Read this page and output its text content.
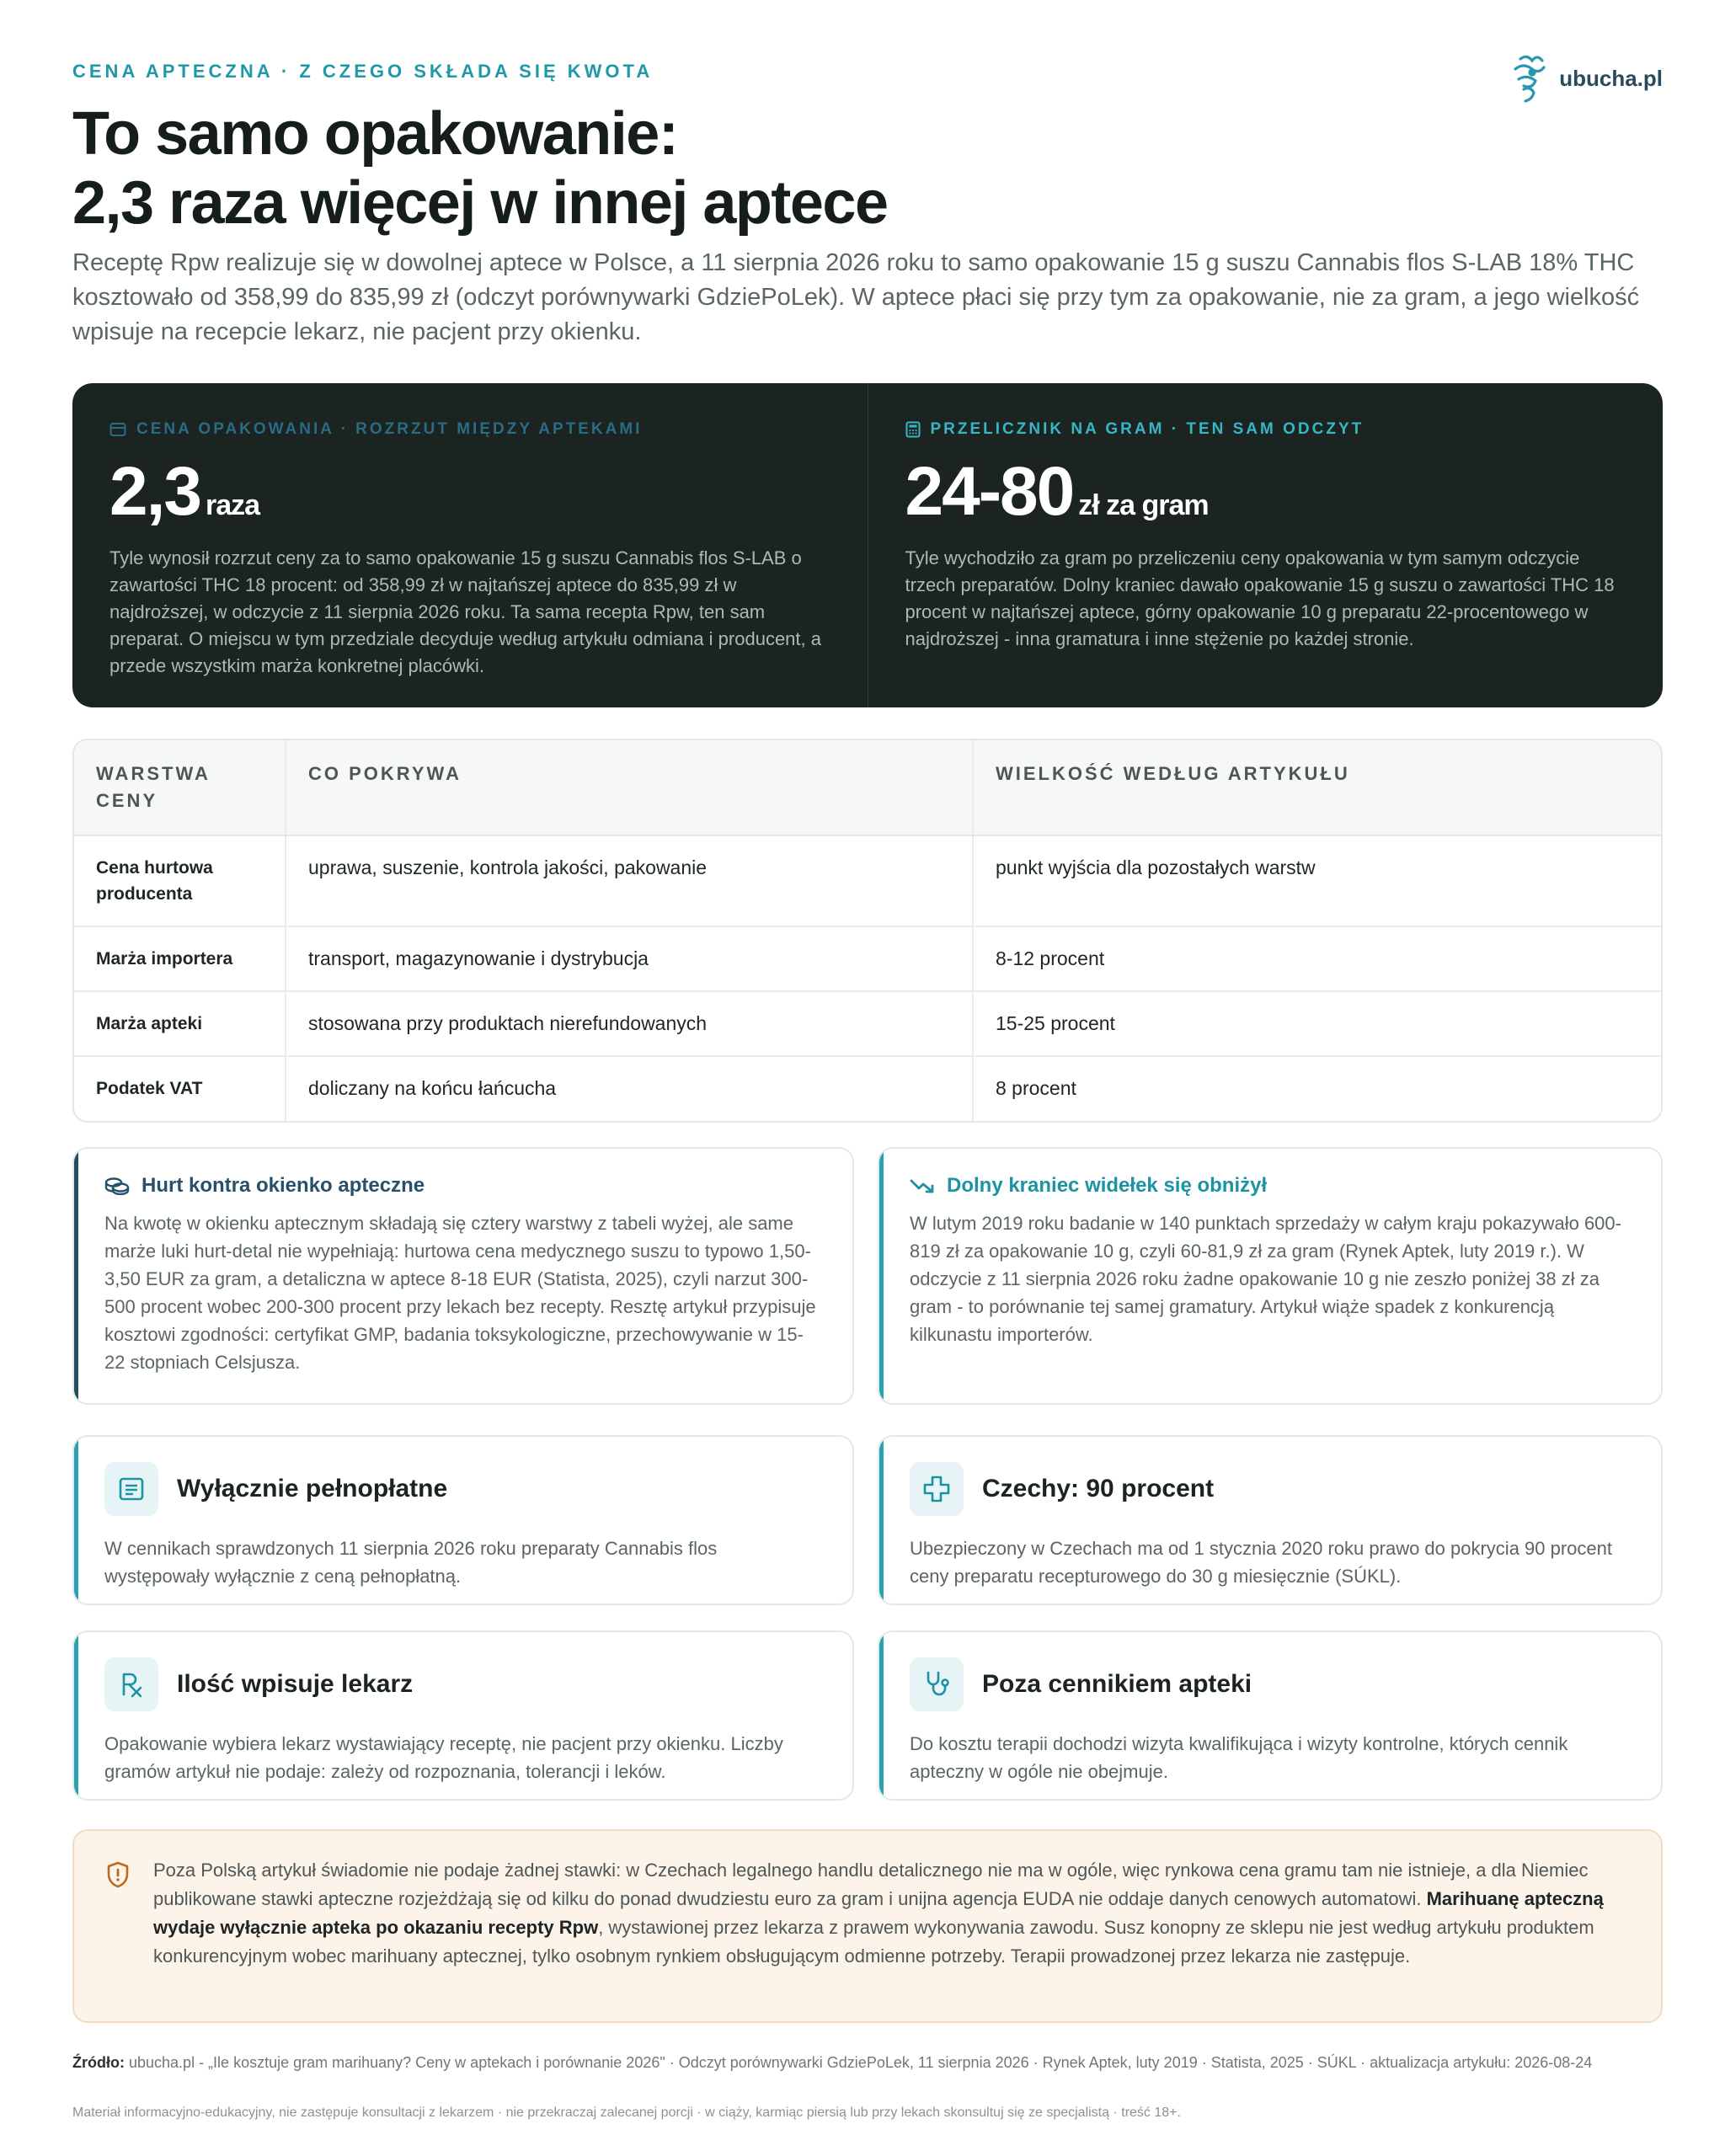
CENA APTECZNA · Z CZEGO SKŁADA SIĘ KWOTA	ubucha.pl
To samo opakowanie:
2,3 raza więcej w innej aptece

Receptę Rpw realizuje się w dowolnej aptece w Polsce, a 11 sierpnia 2026 roku to samo opakowanie 15 g suszu Cannabis flos S-LAB 18% THC kosztowało od 358,99 do 835,99 zł (odczyt porównywarki GdziePoLek). W aptece płaci się przy tym za opakowanie, nie za gram, a jego wielkość wpisuje na recepcie lekarz, nie pacjent przy okienku.

CENA OPAKOWANIA · ROZRZUT MIĘDZY APTEKAMI
2,3 raza

Tyle wynosił rozrzut ceny za to samo opakowanie 15 g suszu Cannabis flos S-LAB o zawartości THC 18 procent: od 358,99 zł w najtańszej aptece do 835,99 zł w najdroższej, w odczycie z 11 sierpnia 2026 roku. Ta sama recepta Rpw, ten sam preparat. O miejscu w tym przedziale decyduje według artykułu odmiana i producent, a przede wszystkim marża konkretnej placówki.

PRZELICZNIK NA GRAM · TEN SAM ODCZYT
24-80 zł za gram

Tyle wychodziło za gram po przeliczeniu ceny opakowania w tym samym odczycie trzech preparatów. Dolny kraniec dawało opakowanie 15 g suszu o zawartości THC 18 procent w najtańszej aptece, górny opakowanie 10 g preparatu 22-procentowego w najdroższej - inna gramatura i inne stężenie po każdej stronie.

WARSTWA CENY	CO POKRYWA	WIELKOŚĆ WEDŁUG ARTYKUŁU
Cena hurtowa producenta	uprawa, suszenie, kontrola jakości, pakowanie	punkt wyjścia dla pozostałych warstw
Marża importera	transport, magazynowanie i dystrybucja	8-12 procent
Marża apteki	stosowana przy produktach nierefundowanych	15-25 procent
Podatek VAT	doliczany na końcu łańcucha	8 procent
Hurt kontra okienko apteczne

Na kwotę w okienku aptecznym składają się cztery warstwy z tabeli wyżej, ale same marże luki hurt-detal nie wypełniają: hurtowa cena medycznego suszu to typowo 1,50-3,50 EUR za gram, a detaliczna w aptece 8-18 EUR (Statista, 2025), czyli narzut 300-500 procent wobec 200-300 procent przy lekach bez recepty. Resztę artykuł przypisuje kosztowi zgodności: certyfikat GMP, badania toksykologiczne, przechowywanie w 15-22 stopniach Celsjusza.

Dolny kraniec widełek się obniżył

W lutym 2019 roku badanie w 140 punktach sprzedaży w całym kraju pokazywało 600-819 zł za opakowanie 10 g, czyli 60-81,9 zł za gram (Rynek Aptek, luty 2019 r.). W odczycie z 11 sierpnia 2026 roku żadne opakowanie 10 g nie zeszło poniżej 38 zł za gram - to porównanie tej samej gramatury. Artykuł wiąże spadek z konkurencją kilkunastu importerów.

Wyłącznie pełnopłatne

W cennikach sprawdzonych 11 sierpnia 2026 roku preparaty Cannabis flos występowały wyłącznie z ceną pełnopłatną.

Czechy: 90 procent

Ubezpieczony w Czechach ma od 1 stycznia 2020 roku prawo do pokrycia 90 procent ceny preparatu recepturowego do 30 g miesięcznie (SÚKL).

Ilość wpisuje lekarz

Opakowanie wybiera lekarz wystawiający receptę, nie pacjent przy okienku. Liczby gramów artykuł nie podaje: zależy od rozpoznania, tolerancji i leków.

Poza cennikiem apteki

Do kosztu terapii dochodzi wizyta kwalifikująca i wizyty kontrolne, których cennik apteczny w ogóle nie obejmuje.

Poza Polską artykuł świadomie nie podaje żadnej stawki: w Czechach legalnego handlu detalicznego nie ma w ogóle, więc rynkowa cena gramu tam nie istnieje, a dla Niemiec publikowane stawki apteczne rozjeżdżają się od kilku do ponad dwudziestu euro za gram i unijna agencja EUDA nie oddaje danych cenowych automatowi. Marihuanę apteczną wydaje wyłącznie apteka po okazaniu recepty Rpw, wystawionej przez lekarza z prawem wykonywania zawodu. Susz konopny ze sklepu nie jest według artykułu produktem konkurencyjnym wobec marihuany aptecznej, tylko osobnym rynkiem obsługującym odmienne potrzeby. Terapii prowadzonej przez lekarza nie zastępuje.

Źródło: ubucha.pl - „Ile kosztuje gram marihuany? Ceny w aptekach i porównanie 2026" · Odczyt porównywarki GdziePoLek, 11 sierpnia 2026 · Rynek Aptek, luty 2019 · Statista, 2025 · SÚKL · aktualizacja artykułu: 2026-08-24

Materiał informacyjno-edukacyjny, nie zastępuje konsultacji z lekarzem · nie przekraczaj zalecanej porcji · w ciąży, karmiąc piersią lub przy lekach skonsultuj się ze specjalistą · treść 18+.
